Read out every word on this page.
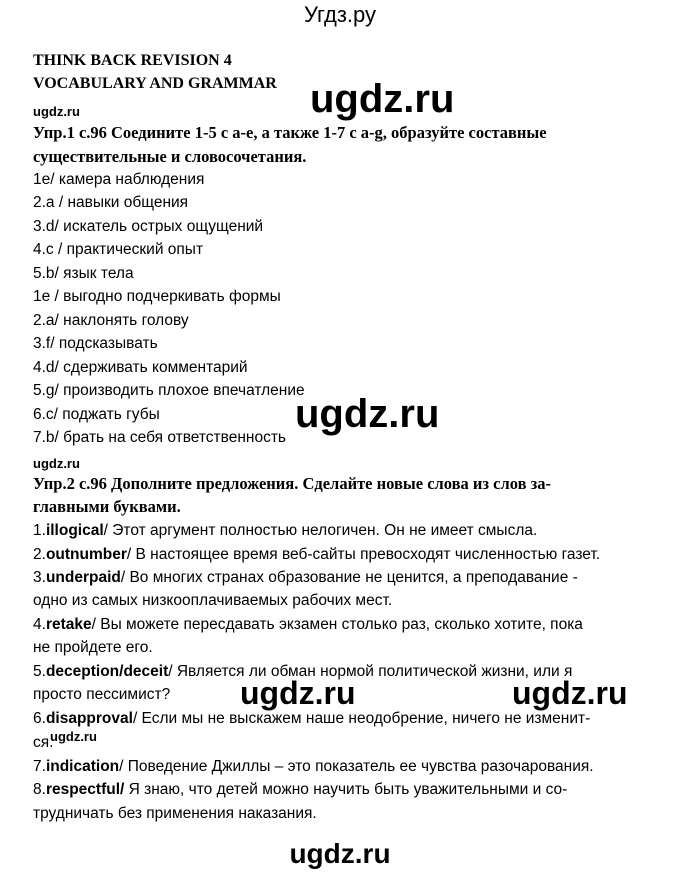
Угдз.ру
THINK BACK REVISION 4
VOCABULARY AND GRAMMAR ugdz.ru
ugdz.ru
Упр.1 с.96 Соедините 1-5 с a-e, а также 1-7 с a-g, образуйте составные
существительные и словосочетания.
1e/ камера наблюдения
2.a / навыки общения
3.d/ искатель острых ощущений
4.c / практический опыт
5.b/ язык тела
1e / выгодно подчеркивать формы
2.a/ наклонять голову
3.f/ подсказывать
4.d/ сдерживать комментарий
5.g/ производить плохое впечатление
6.c/ поджать губы
7.b/ брать на себя ответственность
ugdz.ru
ugdz.ru
Упр.2 с.96 Дополните предложения. Сделайте новые слова из слов за-
главными буквами.
1.illogical/ Этот аргумент полностью нелогичен. Он не имеет смысла.
2.outnumber/ В настоящее время веб-сайты превосходят численностью газет.
3.underpaid/ Во многих странах образование не ценится, а преподавание -
одно из самых низкооплачиваемых рабочих мест.
4.retake/ Вы можете пересдавать экзамен столько раз, сколько хотите, пока
не пройдете его.
5.deception/deceit/ Является ли обман нормой политической жизни, или я
просто пессимист? ugdz.ru	ugdz.ru
6.disapproval/ Если мы не выскажем наше неодобрение, ничего не изменит-
ugdz.ru
ся.
7.indication/ Поведение Джиллы – это показатель ее чувства разочарования.
8.respectful/ Я знаю, что детей можно научить быть уважительными и со-
трудничать без применения наказания.
ugdz.ru
